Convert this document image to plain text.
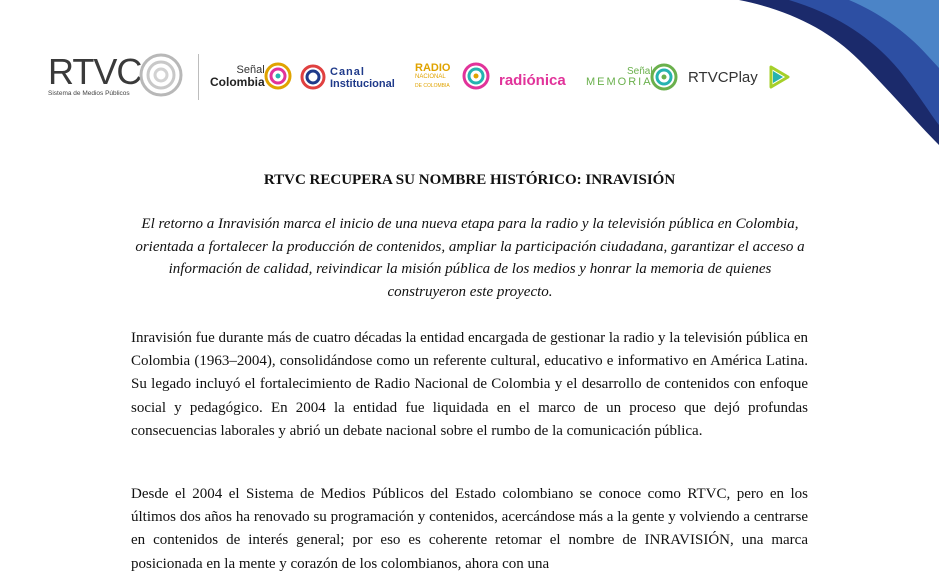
RTVC
Sistema de Medios Públicos
Señal
Colombia
Canal
Institucional
RADIO
NACIONAL
DE COLOMBIA	radiónica
Señal
MEMORIA RTVCPlay
RTVC RECUPERA SU NOMBRE HISTÓRICO: INRAVISIÓN
El retorno a Inravisión marca el inicio de una nueva etapa para la radio y la televisión pública en Colombia, orientada a fortalecer la producción de contenidos, ampliar la participación ciudadana, garantizar el acceso a información de calidad, reivindicar la misión pública de los medios y honrar la memoria de quienes construyeron este proyecto.

Inravisión fue durante más de cuatro décadas la entidad encargada de gestionar la radio y la televisión pública en Colombia (1963–2004), consolidándose como un referente cultural, educativo e informativo en América Latina. Su legado incluyó el fortalecimiento de Radio Nacional de Colombia y el desarrollo de contenidos con enfoque social y pedagógico. En 2004 la entidad fue liquidada en el marco de un proceso que dejó profundas consecuencias laborales y abrió un debate nacional sobre el rumbo de la comunicación pública.

Desde el 2004 el Sistema de Medios Públicos del Estado colombiano se conoce como RTVC, pero en los últimos dos años ha renovado su programación y contenidos, acercándose más a la gente y volviendo a centrarse en contenidos de interés general; por eso es coherente retomar el nombre de INRAVISIÓN, una marca posicionada en la mente y corazón de los colombianos, ahora con una
